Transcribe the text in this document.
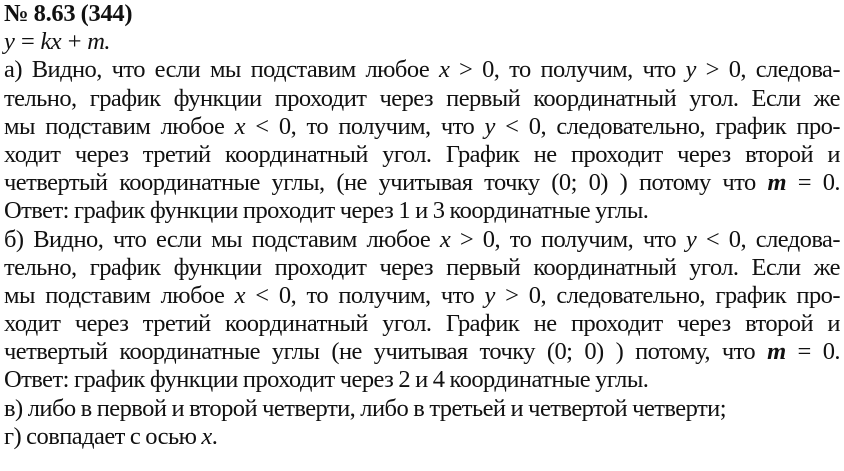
№ 8.63 (344)
y = kx + m.
а) Видно, что если мы подставим любое x > 0, то получим, что y > 0, следова-
тельно, график функции проходит через первый координатный угол. Если же
мы подставим любое x < 0, то получим, что y < 0, следовательно, график про-
ходит через третий координатный угол. График не проходит через второй и
четвертый координатные углы, (не учитывая точку (0; 0) ) потому что m = 0.
Ответ: график функции проходит через 1 и 3 координатные углы.
б) Видно, что если мы подставим любое x > 0, то получим, что y < 0, следова-
тельно, график функции проходит через первый координатный угол. Если же
мы подставим любое x < 0, то получим, что y > 0, следовательно, график про-
ходит через третий координатный угол. График не проходит через второй и
четвертый координатные углы (не учитывая точку (0; 0) ) потому, что m = 0.
Ответ: график функции проходит через 2 и 4 координатные углы.
в) либо в первой и второй четверти, либо в третьей и четвертой четверти;
г) совпадает с осью x.
